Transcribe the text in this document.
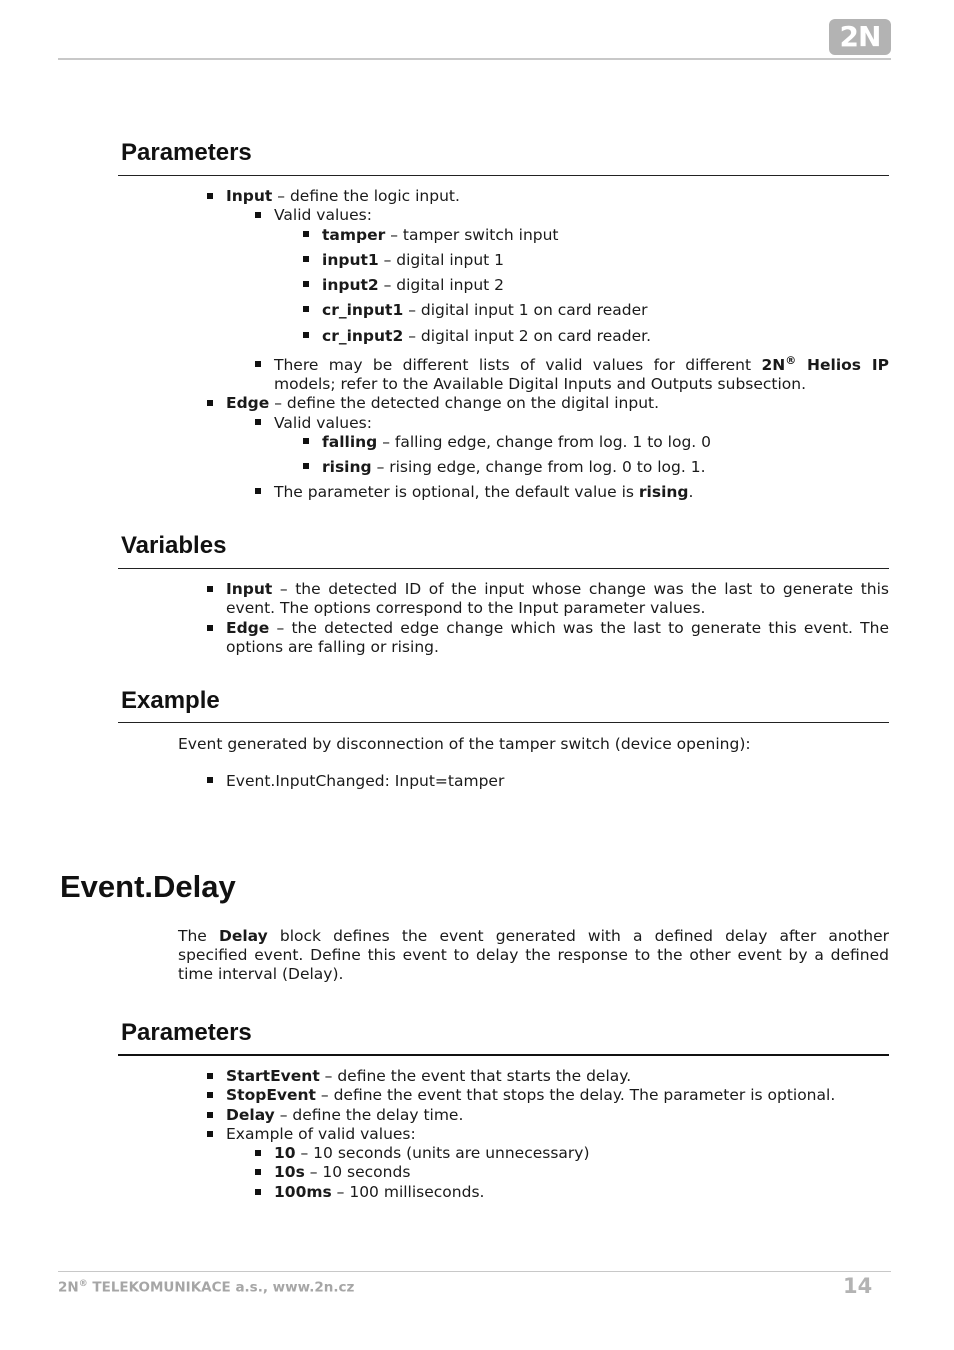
2N
Parameters
Input – define the logic input.
Valid values:
tamper – tamper switch input
input1 – digital input 1
input2 – digital input 2
cr_input1 – digital input 1 on card reader
cr_input2 – digital input 2 on card reader.
There may be different lists of valid values for different 2N® Helios IP
models; refer to the Available Digital Inputs and Outputs subsection.
Edge – define the detected change on the digital input.
Valid values:
falling – falling edge, change from log. 1 to log. 0
rising – rising edge, change from log. 0 to log. 1.
The parameter is optional, the default value is rising.
Variables
Input – the detected ID of the input whose change was the last to generate this
event. The options correspond to the Input parameter values.
Edge – the detected edge change which was the last to generate this event. The
options are falling or rising.
Example
Event generated by disconnection of the tamper switch (device opening):
Event.InputChanged: Input=tamper
Event.Delay
The Delay block defines the event generated with a defined delay after another
specified event. Define this event to delay the response to the other event by a defined
time interval (Delay).
Parameters
StartEvent – define the event that starts the delay.
StopEvent – define the event that stops the delay. The parameter is optional.
Delay – define the delay time.
Example of valid values:
10 – 10 seconds (units are unnecessary)
10s – 10 seconds
100ms – 100 milliseconds.
2N® TELEKOMUNIKACE a.s., www.2n.cz	14
